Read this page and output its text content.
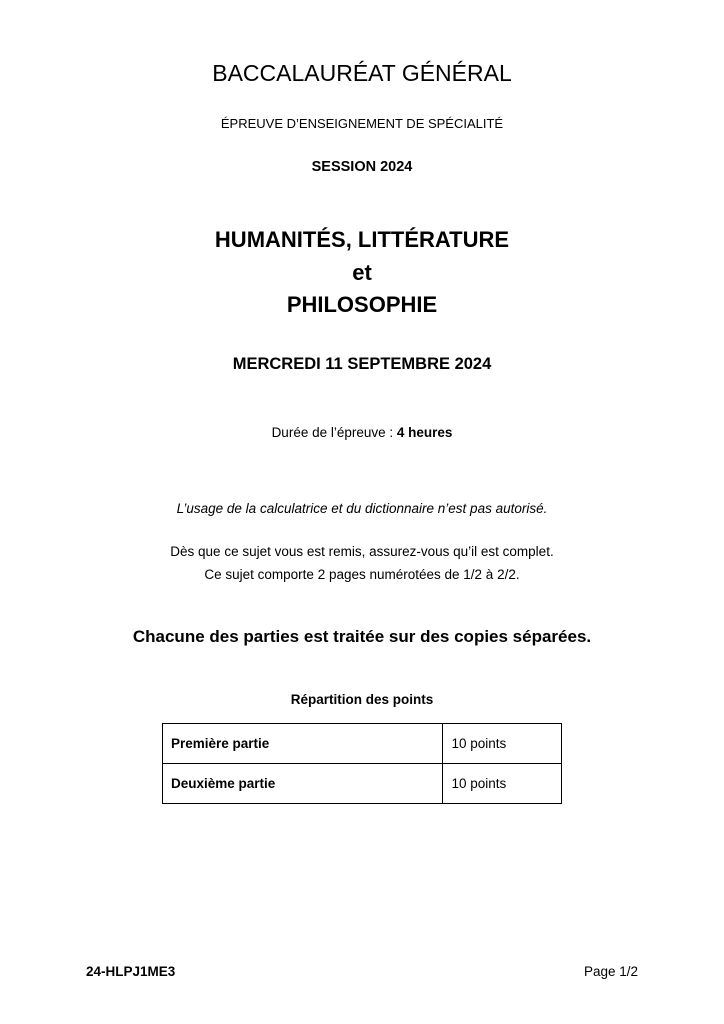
BACCALAURÉAT GÉNÉRAL
ÉPREUVE D’ENSEIGNEMENT DE SPÉCIALITÉ
SESSION 2024
HUMANITÉS, LITTÉRATURE
et
PHILOSOPHIE
MERCREDI 11 SEPTEMBRE 2024
Durée de l’épreuve : 4 heures
L’usage de la calculatrice et du dictionnaire n’est pas autorisé.
Dès que ce sujet vous est remis, assurez-vous qu’il est complet.
Ce sujet comporte 2 pages numérotées de 1/2 à 2/2.
Chacune des parties est traitée sur des copies séparées.
Répartition des points
Première partie	10 points
Deuxième partie	10 points
24-HLPJ1ME3	Page 1/2
